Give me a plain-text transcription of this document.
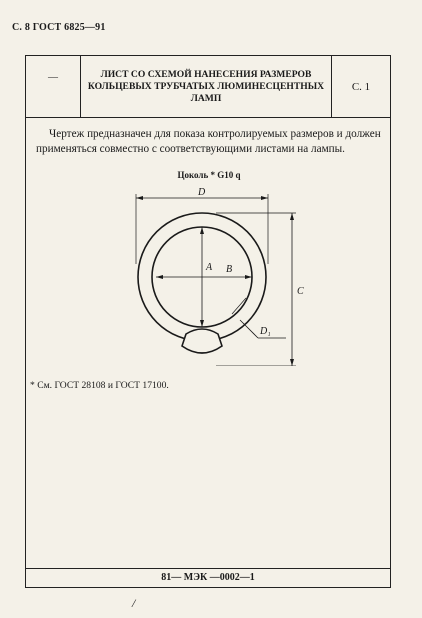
С. 8 ГОСТ 6825—91
—	ЛИСТ СО СХЕМОЙ НАНЕСЕНИЯ РАЗМЕРОВ КОЛЬЦЕВЫХ ТРУБЧАТЫХ ЛЮМИНЕСЦЕНТНЫХ ЛАМП
С. 1

Чертеж предназначен для показа контролируемых размеров и должен применяться совместно с соответствующими листами на лампы.

Цоколь * G10 q
D
C
A B
D₁
* См. ГОСТ 28108 и ГОСТ 17100.
81— МЭК —0002—1
/
